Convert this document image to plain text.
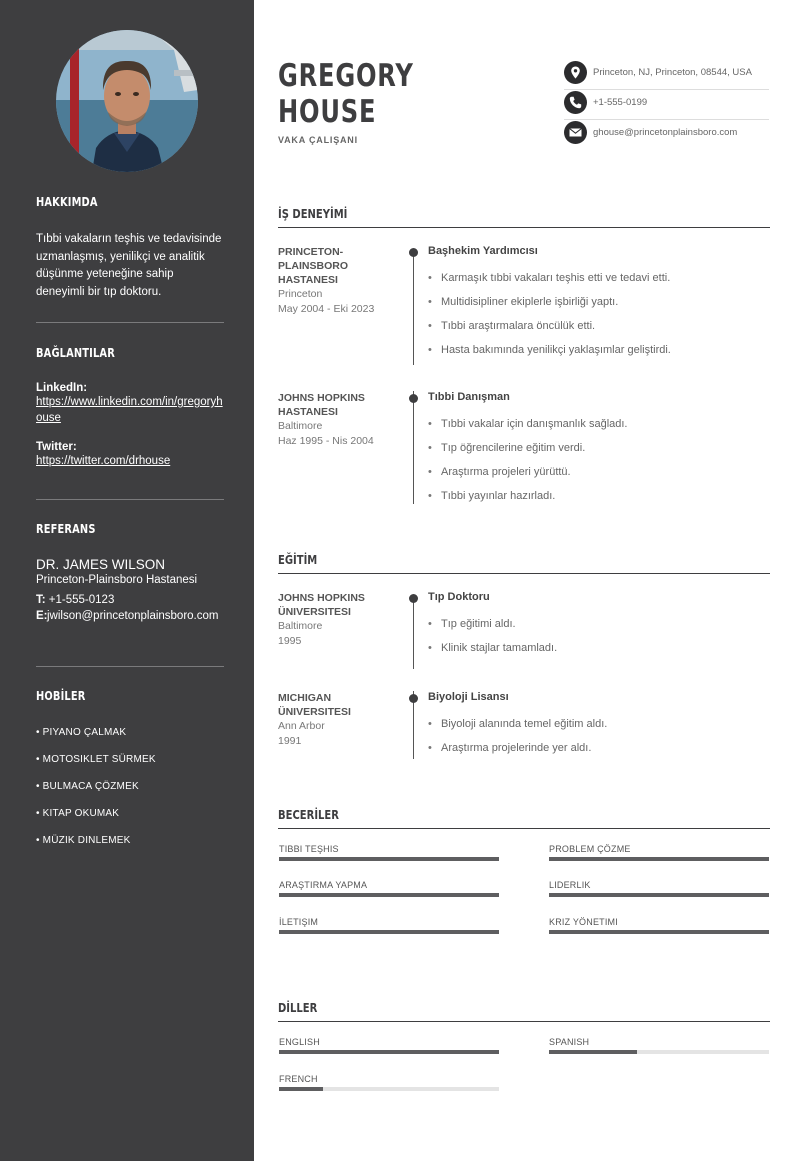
HAKKIMDA
Tıbbi vakaların teşhis ve tedavisinde uzmanlaşmış, yenilikçi ve analitik düşünme yeteneğine sahip deneyimli bir tıp doktoru.
BAĞLANTILAR
LinkedIn:
https://www.linkedin.com/in/gregoryhouse
Twitter:
https://twitter.com/drhouse
REFERANS
DR. JAMES WILSON
Princeton-Plainsboro Hastanesi
T: +1-555-0123
E: jwilson@princetonplainsboro.com
HOBİLER
• PIYANO ÇALMAK
• MOTOSIKLET SÜRMEK
• BULMACA ÇÖZMEK
• KITAP OKUMAK
• MÜZIK DINLEMEK
GREGORY
HOUSE
VAKA ÇALIŞANI
Princeton, NJ, Princeton, 08544, USA
+1-555-0199
ghouse@princetonplainsboro.com
İŞ DENEYİMİ
PRINCETON-PLAINSBORO HASTANESI
Princeton
May 2004 - Eki 2023
Başhekim Yardımcısı
• Karmaşık tıbbi vakaları teşhis etti ve tedavi etti.
• Multidisipliner ekiplerle işbirliği yaptı.
• Tıbbi araştırmalara öncülük etti.
• Hasta bakımında yenilikçi yaklaşımlar geliştirdi.
JOHNS HOPKINS HASTANESI
Baltimore
Haz 1995 - Nis 2004
Tıbbi Danışman
• Tıbbi vakalar için danışmanlık sağladı.
• Tıp öğrencilerine eğitim verdi.
• Araştırma projeleri yürüttü.
• Tıbbi yayınlar hazırladı.
EĞİTİM
JOHNS HOPKINS ÜNIVERSITESI
Baltimore
1995
Tıp Doktoru
• Tıp eğitimi aldı.
• Klinik stajlar tamamladı.
MICHIGAN ÜNIVERSITESI
Ann Arbor
1991
Biyoloji Lisansı
• Biyoloji alanında temel eğitim aldı.
• Araştırma projelerinde yer aldı.
BECERİLER
TIBBI TEŞHIS	PROBLEM ÇÖZME
ARAŞTIRMA YAPMA	LIDERLIK
İLETIŞIM	KRIZ YÖNETIMI
DİLLER
ENGLISH	SPANISH
FRENCH
